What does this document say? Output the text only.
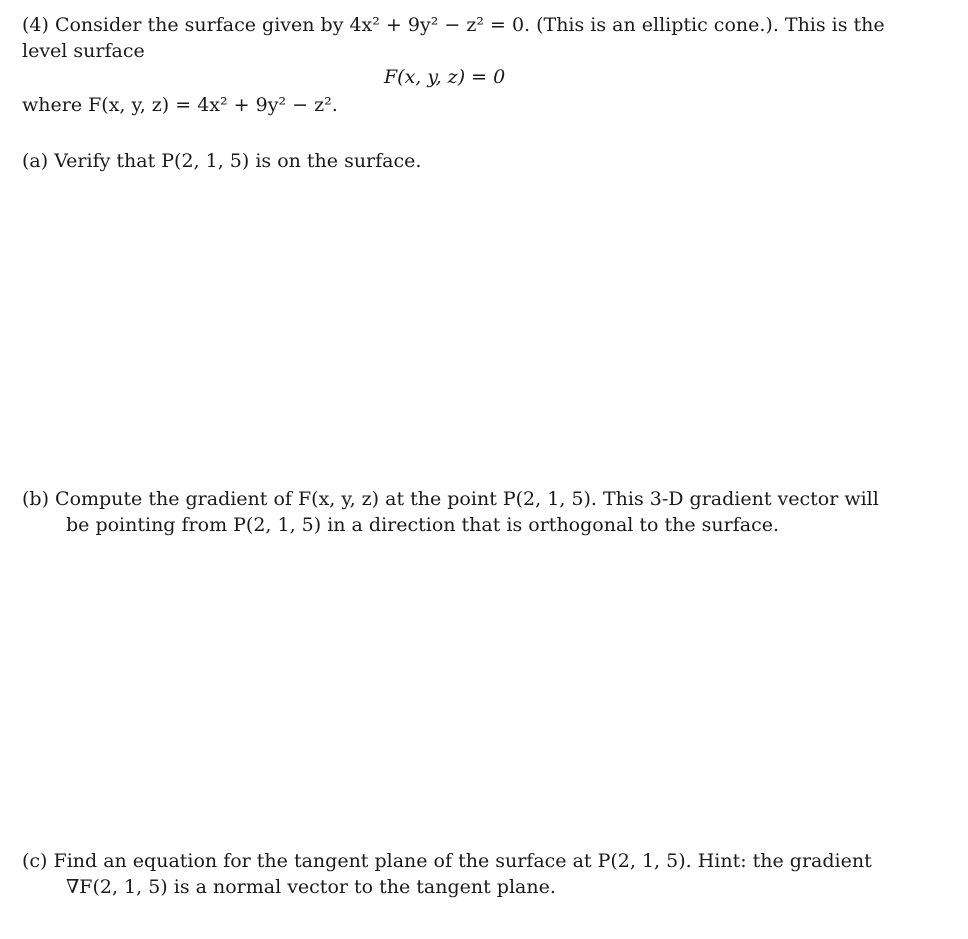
(4) Consider the surface given by 4x² + 9y² − z² = 0. (This is an elliptic cone.). This is the
level surface
F(x, y, z) = 0
where F(x, y, z) = 4x² + 9y² − z².
(a) Verify that P(2, 1, 5) is on the surface.
(b) Compute the gradient of F(x, y, z) at the point P(2, 1, 5). This 3-D gradient vector will
be pointing from P(2, 1, 5) in a direction that is orthogonal to the surface.
(c) Find an equation for the tangent plane of the surface at P(2, 1, 5). Hint: the gradient
∇F(2, 1, 5) is a normal vector to the tangent plane.
